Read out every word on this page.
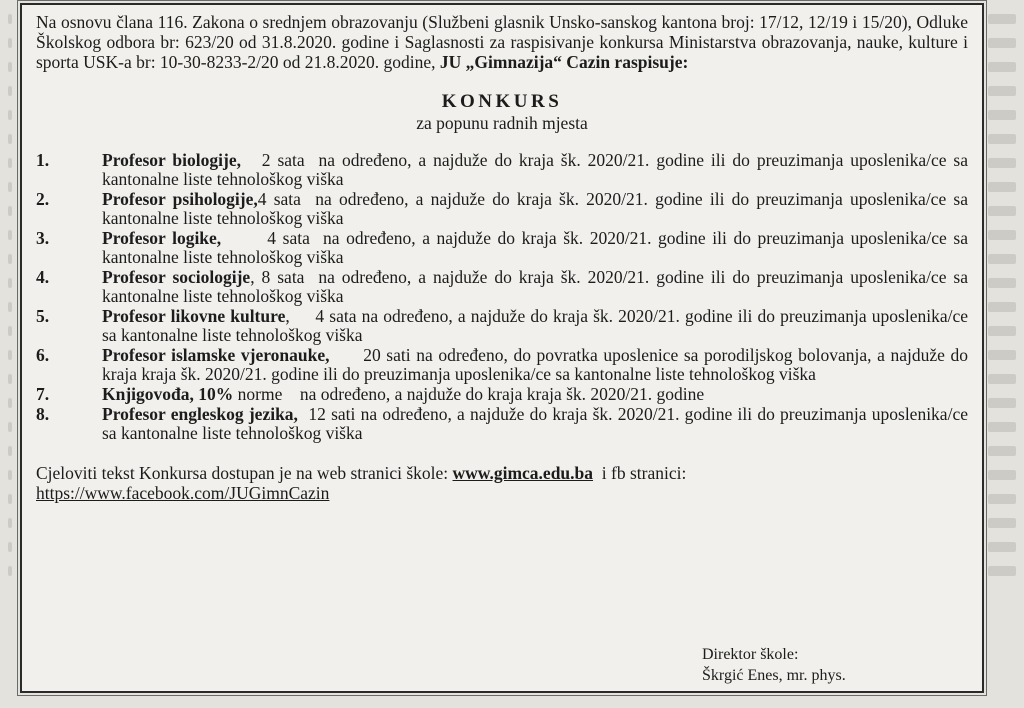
Na osnovu člana 116. Zakona o srednjem obrazovanju (Službeni glasnik Unsko-sanskog kantona broj: 17/12, 12/19 i 15/20), Odluke Školskog odbora br: 623/20 od 31.8.2020. godine i Saglasnosti za raspisivanje konkursa Ministarstva obrazovanja, nauke, kulture i sporta USK-a br: 10-30-8233-2/20 od 21.8.2020. godine, JU „Gimnazija“ Cazin raspisuje:

KONKURS
za popunu radnih mjesta
1.	Profesor biologije,   2 sata  na određeno, a najduže do kraja šk. 2020/21. godine ili do preuzimanja uposlenika/ce sa kantonalne liste tehnološkog viška
2.	Profesor psihologije,4 sata  na određeno, a najduže do kraja šk. 2020/21. godine ili do preuzimanja uposlenika/ce sa kantonalne liste tehnološkog viška
3.	Profesor logike,       4 sata  na određeno, a najduže do kraja šk. 2020/21. godine ili do preuzimanja uposlenika/ce sa kantonalne liste tehnološkog viška
4.	Profesor sociologije, 8 sata  na određeno, a najduže do kraja šk. 2020/21. godine ili do preuzimanja uposlenika/ce sa kantonalne liste tehnološkog viška
5.	Profesor likovne kulture,     4 sata na određeno, a najduže do kraja šk. 2020/21. godine ili do preuzimanja uposlenika/ce sa kantonalne liste tehnološkog viška
6.	Profesor islamske vjeronauke,      20 sati na određeno, do povratka uposlenice sa porodiljskog bolovanja, a najduže do kraja kraja šk. 2020/21. godine ili do preuzimanja uposlenika/ce sa kantonalne liste tehnološkog viška
7.	Knjigovođa, 10% norme    na određeno, a najduže do kraja kraja šk. 2020/21. godine
8.	Profesor engleskog jezika,  12 sati na određeno, a najduže do kraja šk. 2020/21. godine ili do preuzimanja uposlenika/ce sa kantonalne liste tehnološkog viška
Cjeloviti tekst Konkursa dostupan je na web stranici škole: www.gimca.edu.ba  i fb stranici:
https://www.facebook.com/JUGimnCazin
Direktor škole:
Škrgić Enes, mr. phys.
